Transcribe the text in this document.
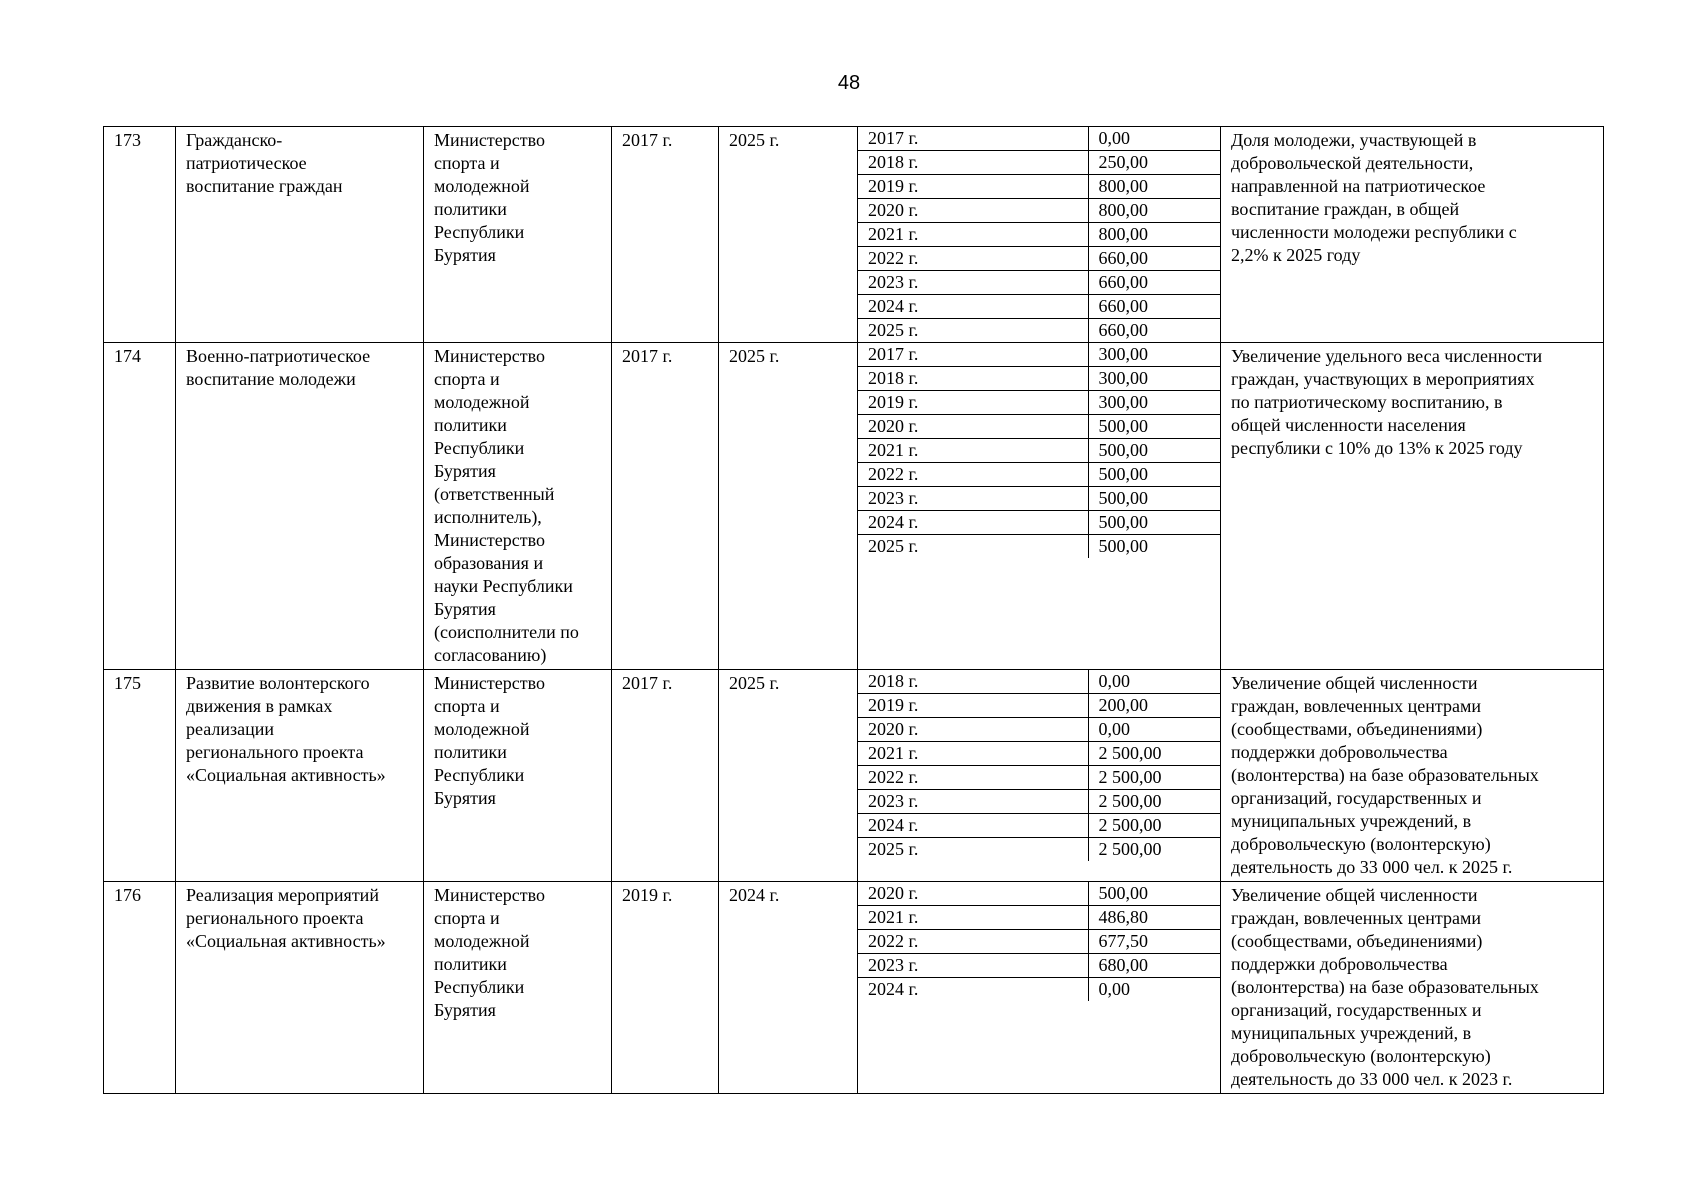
48
173	Гражданско-
патриотическое
воспитание граждан	Министерство
спорта и
молодежной
политики
Республики
Бурятия	2017 г.	2025 г.		2017 г.	0,00
2018 г.	250,00
2019 г.	800,00
2020 г.	800,00
2021 г.	800,00
2022 г.	660,00
2023 г.	660,00
2024 г.	660,00
2025 г.	660,00
	Доля молодежи, участвующей в
добровольческой деятельности,
направленной на патриотическое
воспитание граждан, в общей
численности молодежи республики с
2,2% к 2025 году
174	Военно-патриотическое
воспитание молодежи	Министерство
спорта и
молодежной
политики
Республики
Бурятия
(ответственный
исполнитель),
Министерство
образования и
науки Республики
Бурятия
(соисполнители по
согласованию)	2017 г.	2025 г.		2017 г.	300,00
2018 г.	300,00
2019 г.	300,00
2020 г.	500,00
2021 г.	500,00
2022 г.	500,00
2023 г.	500,00
2024 г.	500,00
2025 г.	500,00
	Увеличение удельного веса численности
граждан, участвующих в мероприятиях
по патриотическому воспитанию, в
общей численности населения
республики с 10% до 13% к 2025 году
175	Развитие волонтерского
движения в рамках
реализации
регионального проекта
«Социальная активность»	Министерство
спорта и
молодежной
политики
Республики
Бурятия	2017 г.	2025 г.		2018 г.	0,00
2019 г.	200,00
2020 г.	0,00
2021 г.	2 500,00
2022 г.	2 500,00
2023 г.	2 500,00
2024 г.	2 500,00
2025 г.	2 500,00
	Увеличение общей численности
граждан, вовлеченных центрами
(сообществами, объединениями)
поддержки добровольчества
(волонтерства) на базе образовательных
организаций, государственных и
муниципальных учреждений, в
добровольческую (волонтерскую)
деятельность до 33 000 чел. к 2025 г.
176	Реализация мероприятий
регионального проекта
«Социальная активность»	Министерство
спорта и
молодежной
политики
Республики
Бурятия	2019 г.	2024 г.		2020 г.	500,00
2021 г.	486,80
2022 г.	677,50
2023 г.	680,00
2024 г.	0,00
	Увеличение общей численности
граждан, вовлеченных центрами
(сообществами, объединениями)
поддержки добровольчества
(волонтерства) на базе образовательных
организаций, государственных и
муниципальных учреждений, в
добровольческую (волонтерскую)
деятельность до 33 000 чел. к 2023 г.
